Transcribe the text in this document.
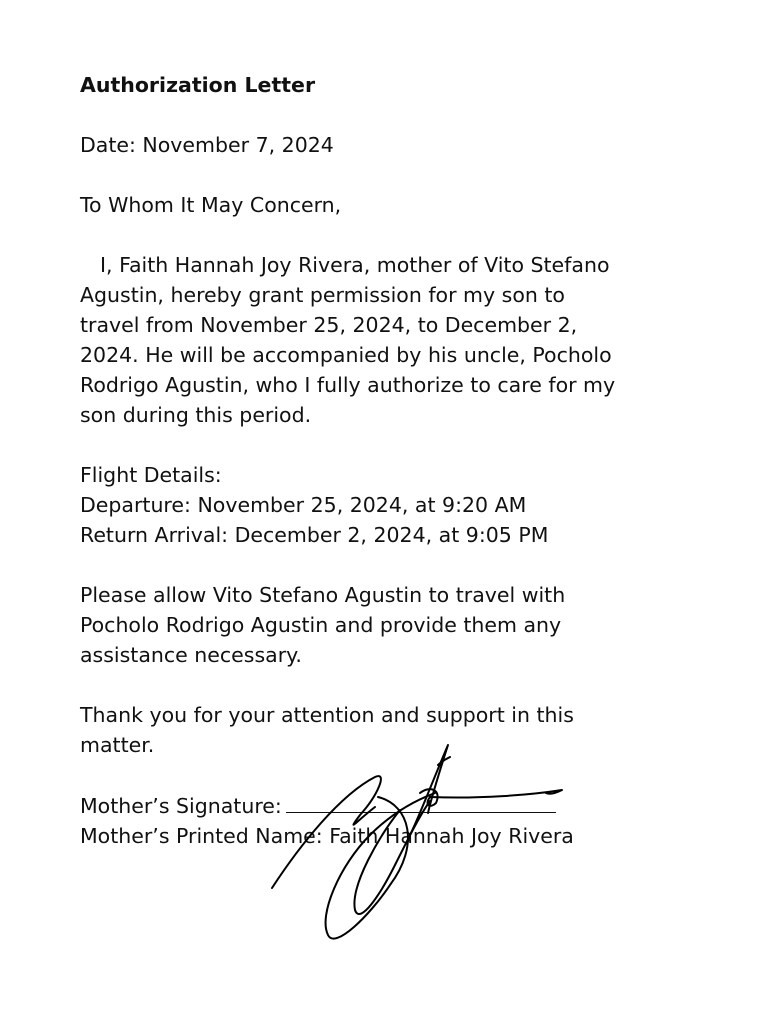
Authorization Letter

Date: November 7, 2024

To Whom It May Concern,

I, Faith Hannah Joy Rivera, mother of Vito Stefano

Agustin, hereby grant permission for my son to

travel from November 25, 2024, to December 2,

2024. He will be accompanied by his uncle, Pocholo

Rodrigo Agustin, who I fully authorize to care for my

son during this period.

Flight Details:

Departure: November 25, 2024, at 9:20 AM

Return Arrival: December 2, 2024, at 9:05 PM

Please allow Vito Stefano Agustin to travel with

Pocholo Rodrigo Agustin and provide them any

assistance necessary.

Thank you for your attention and support in this

matter.

Mother’s Signature:

Mother’s Printed Name: Faith Hannah Joy Rivera
